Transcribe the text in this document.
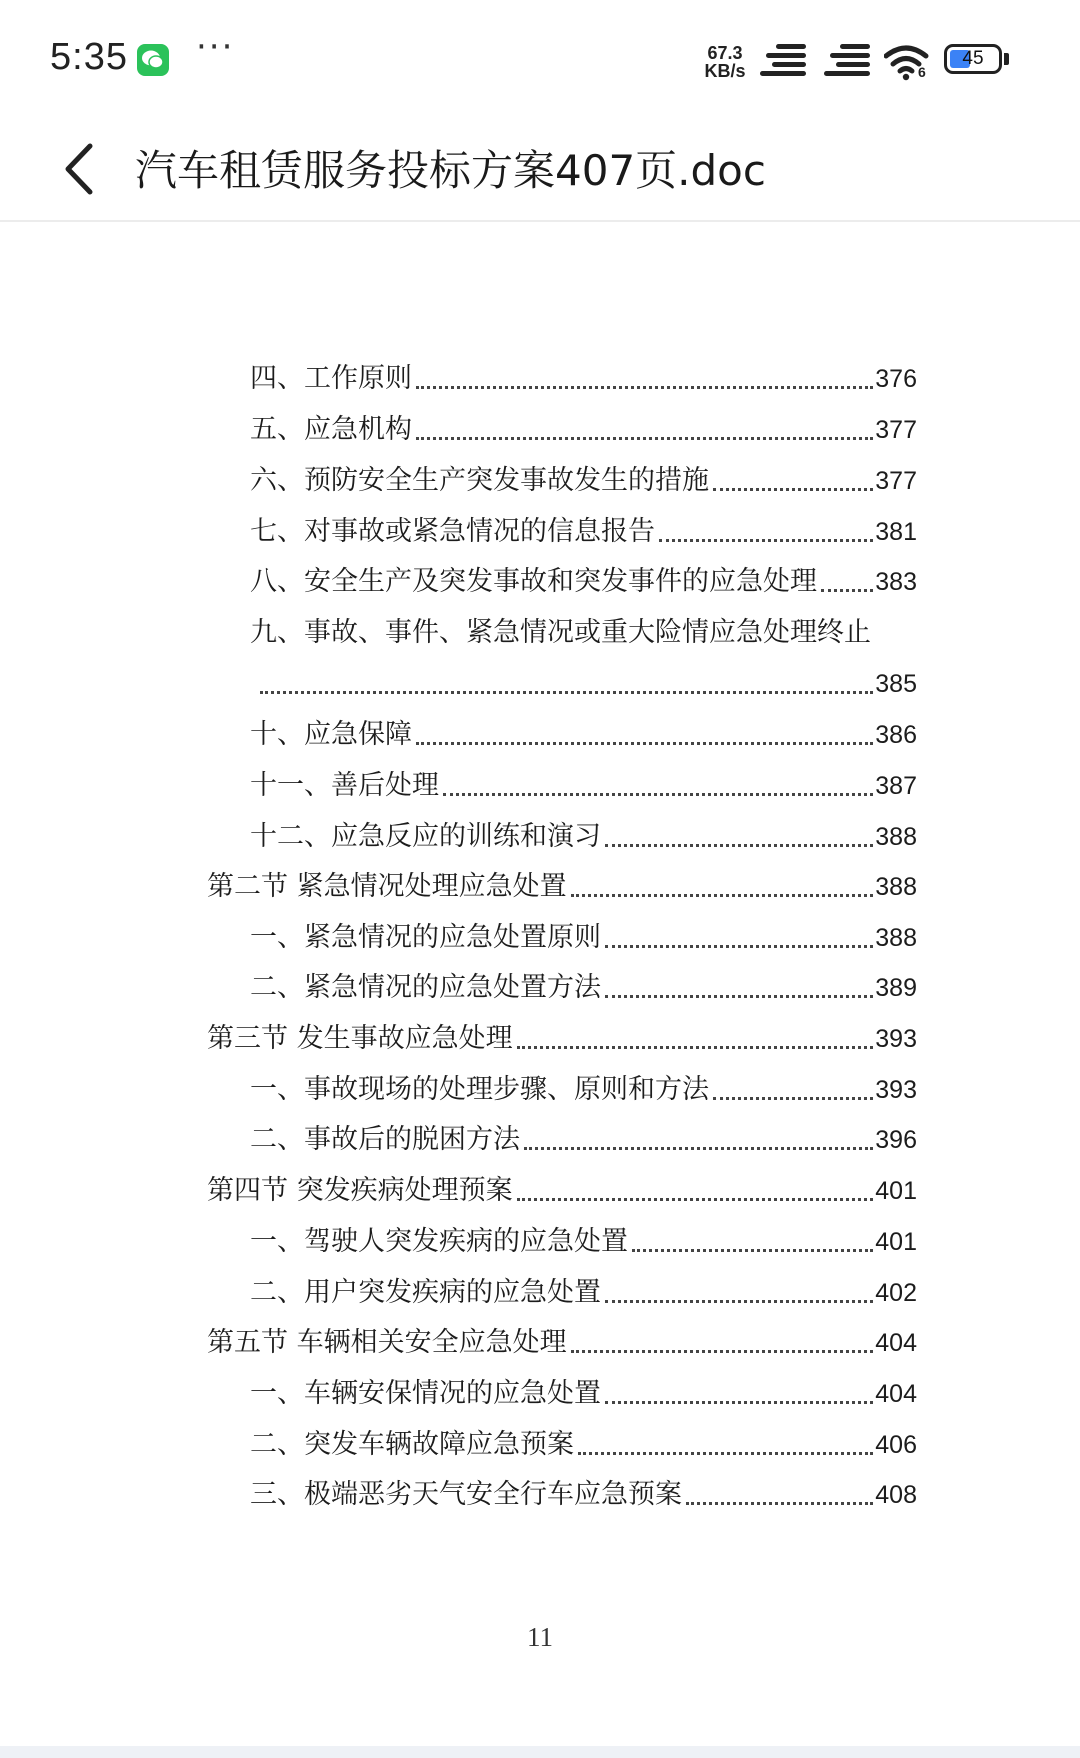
5:35 ···	67.3
KB/s	6
45
汽车租赁服务投标方案407页.doc
四、工作原则	376
五、应急机构	377
六、预防安全生产突发事故发生的措施	377
七、对事故或紧急情况的信息报告	381
八、安全生产及突发事故和突发事件的应急处理 383
九、事故、事件、紧急情况或重大险情应急处理终止
385
十、应急保障	386
十一、善后处理	387
十二、应急反应的训练和演习	388
第二节 紧急情况处理应急处置	388
一、紧急情况的应急处置原则	388
二、紧急情况的应急处置方法	389
第三节 发生事故应急处理	393
一、事故现场的处理步骤、原则和方法	393
二、事故后的脱困方法	396
第四节 突发疾病处理预案	401
一、驾驶人突发疾病的应急处置	401
二、用户突发疾病的应急处置	402
第五节 车辆相关安全应急处理	404
一、车辆安保情况的应急处置	404
二、突发车辆故障应急预案	406
三、极端恶劣天气安全行车应急预案	408
11
